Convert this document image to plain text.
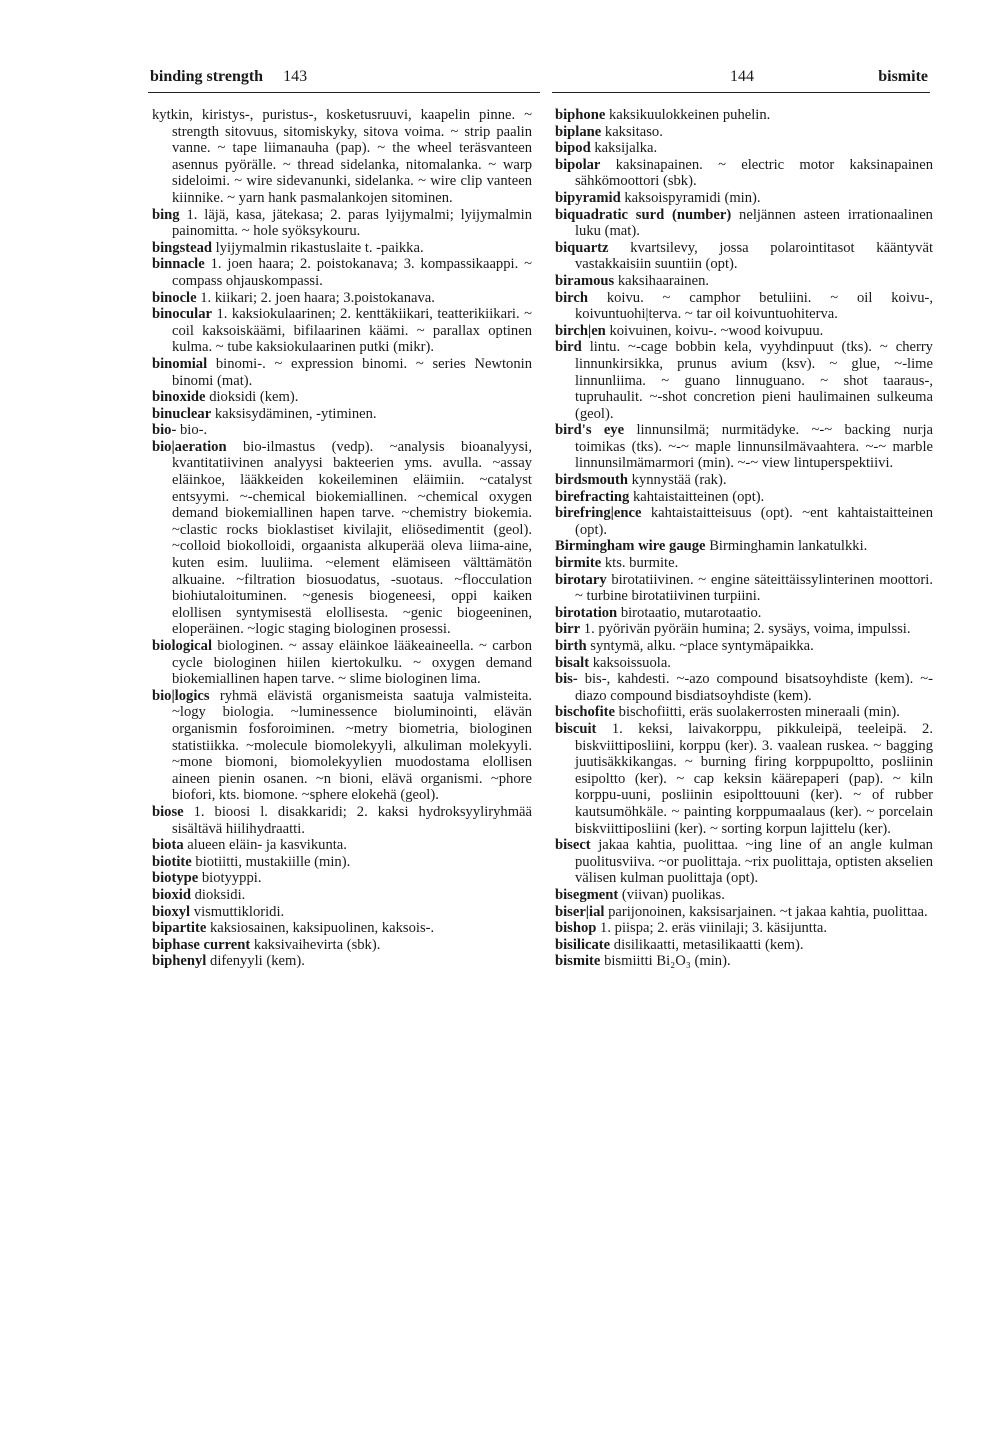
binding strength 143	144	bismite

kytkin, kiristys-, puristus-, kosketusruuvi, kaapelin pinne. ~ strength sitovuus, sitomiskyky, sitova voima. ~ strip paalin vanne. ~ tape liimanauha (pap). ~ the wheel teräsvanteen asennus pyörälle. ~ thread sidelanka, nitomalanka. ~ warp sideloimi. ~ wire sidevanunki, sidelanka. ~ wire clip vanteen kiinnike. ~ yarn hank pasmalankojen sitominen.

bing 1. läjä, kasa, jätekasa; 2. paras lyijymalmi; lyijymalmin painomitta. ~ hole syöksykouru.

bingstead lyijymalmin rikastuslaite t. -paikka.

binnacle 1. joen haara; 2. poistokanava; 3. kompassikaappi. ~ compass ohjauskompassi.

binocle 1. kiikari; 2. joen haara; 3.poistokanava.

binocular 1. kaksiokulaarinen; 2. kenttäkiikari, teatterikiikari. ~ coil kaksoiskäämi, bifilaarinen käämi. ~ parallax optinen kulma. ~ tube kaksiokulaarinen putki (mikr).

binomial binomi-. ~ expression binomi. ~ series Newtonin binomi (mat).

binoxide dioksidi (kem).

binuclear kaksisydäminen, -ytiminen.

bio- bio-.

bio|aeration bio-ilmastus (vedp). ~analysis bioanalyysi, kvantitatiivinen analyysi bakteerien yms. avulla. ~assay eläinkoe, lääkkeiden kokeileminen eläimiin. ~catalyst entsyymi. ~-chemical biokemiallinen. ~chemical oxygen demand biokemiallinen hapen tarve. ~chemistry biokemia. ~clastic rocks bioklastiset kivilajit, eliösedimentit (geol). ~colloid biokolloidi, orgaanista alkuperää oleva liima-aine, kuten esim. luuliima. ~element elämiseen välttämätön alkuaine. ~filtration biosuodatus, -suotaus. ~flocculation biohiutaloituminen. ~genesis biogeneesi, oppi kaiken elollisen syntymisestä elollisesta. ~genic biogeeninen, eloperäinen. ~logic staging biologinen prosessi.

biological biologinen. ~ assay eläinkoe lääkeaineella. ~ carbon cycle biologinen hiilen kiertokulku. ~ oxygen demand biokemiallinen hapen tarve. ~ slime biologinen lima.

bio|logics ryhmä elävistä organismeista saatuja valmisteita. ~logy biologia. ~luminessence bioluminointi, elävän organismin fosforoiminen. ~metry biometria, biologinen statistiikka. ~molecule biomolekyyli, alkuliman molekyyli. ~mone biomoni, biomolekyylien muodostama elollisen aineen pienin osanen. ~n bioni, elävä organismi. ~phore biofori, kts. biomone. ~sphere elokehä (geol).

biose 1. bioosi l. disakkaridi; 2. kaksi hydroksyyliryhmää sisältävä hiilihydraatti.

biota alueen eläin- ja kasvikunta.

biotite biotiitti, mustakiille (min).

biotype biotyyppi.

bioxid dioksidi.

bioxyl vismuttikloridi.

bipartite kaksiosainen, kaksipuolinen, kaksois-.

biphase current kaksivaihevirta (sbk).

biphenyl difenyyli (kem).

biphone kaksikuulokkeinen puhelin.

biplane kaksitaso.

bipod kaksijalka.

bipolar kaksinapainen. ~ electric motor kaksinapainen sähkömoottori (sbk).

bipyramid kaksoispyramidi (min).

biquadratic surd (number) neljännen asteen irrationaalinen luku (mat).

biquartz kvartsilevy, jossa polarointitasot kääntyvät vastakkaisiin suuntiin (opt).

biramous kaksihaarainen.

birch koivu. ~ camphor betuliini. ~ oil koivu-, koivuntuohi|terva. ~ tar oil koivuntuohiterva.

birch|en koivuinen, koivu-. ~wood koivupuu.

bird lintu. ~-cage bobbin kela, vyyhdinpuut (tks). ~ cherry linnunkirsikka, prunus avium (ksv). ~ glue, ~-lime linnunliima. ~ guano linnuguano. ~ shot taaraus-, tupruhaulit. ~-shot concretion pieni haulimainen sulkeuma (geol).

bird's eye linnunsilmä; nurmitädyke. ~-~ backing nurja toimikas (tks). ~-~ maple linnunsilmävaahtera. ~-~ marble linnunsilmämarmori (min). ~-~ view lintuperspektiivi.

birdsmouth kynnystää (rak).

birefracting kahtaistaitteinen (opt).

birefring|ence kahtaistaitteisuus (opt). ~ent kahtaistaitteinen (opt).

Birmingham wire gauge Birminghamin lankatulkki.

birmite kts. burmite.

birotary birotatiivinen. ~ engine säteittäissylinterinen moottori. ~ turbine birotatiivinen turpiini.

birotation birotaatio, mutarotaatio.

birr 1. pyörivän pyöräin humina; 2. sysäys, voima, impulssi.

birth syntymä, alku. ~place syntymäpaikka.

bisalt kaksoissuola.

bis- bis-, kahdesti. ~-azo compound bisatsoyhdiste (kem). ~-diazo compound bisdiatsoyhdiste (kem).

bischofite bischofiitti, eräs suolakerrosten mineraali (min).

biscuit 1. keksi, laivakorppu, pikkuleipä, teeleipä. 2. biskviittiposliini, korppu (ker). 3. vaalean ruskea. ~ bagging juutisäkkikangas. ~ burning firing korppupoltto, posliinin esipoltto (ker). ~ cap keksin käärepaperi (pap). ~ kiln korppu-uuni, posliinin esipolttouuni (ker). ~ of rubber kautsumöhkäle. ~ painting korppumaalaus (ker). ~ porcelain biskviittiposliini (ker). ~ sorting korpun lajittelu (ker).

bisect jakaa kahtia, puolittaa. ~ing line of an angle kulman puolitusviiva. ~or puolittaja. ~rix puolittaja, optisten akselien välisen kulman puolittaja (opt).

bisegment (viivan) puolikas.

biser|ial parijonoinen, kaksisarjainen. ~t jakaa kahtia, puolittaa.

bishop 1. piispa; 2. eräs viinilaji; 3. käsijuntta.

bisilicate disilikaatti, metasilikaatti (kem).

bismite bismiitti Bi₂O₃ (min).
